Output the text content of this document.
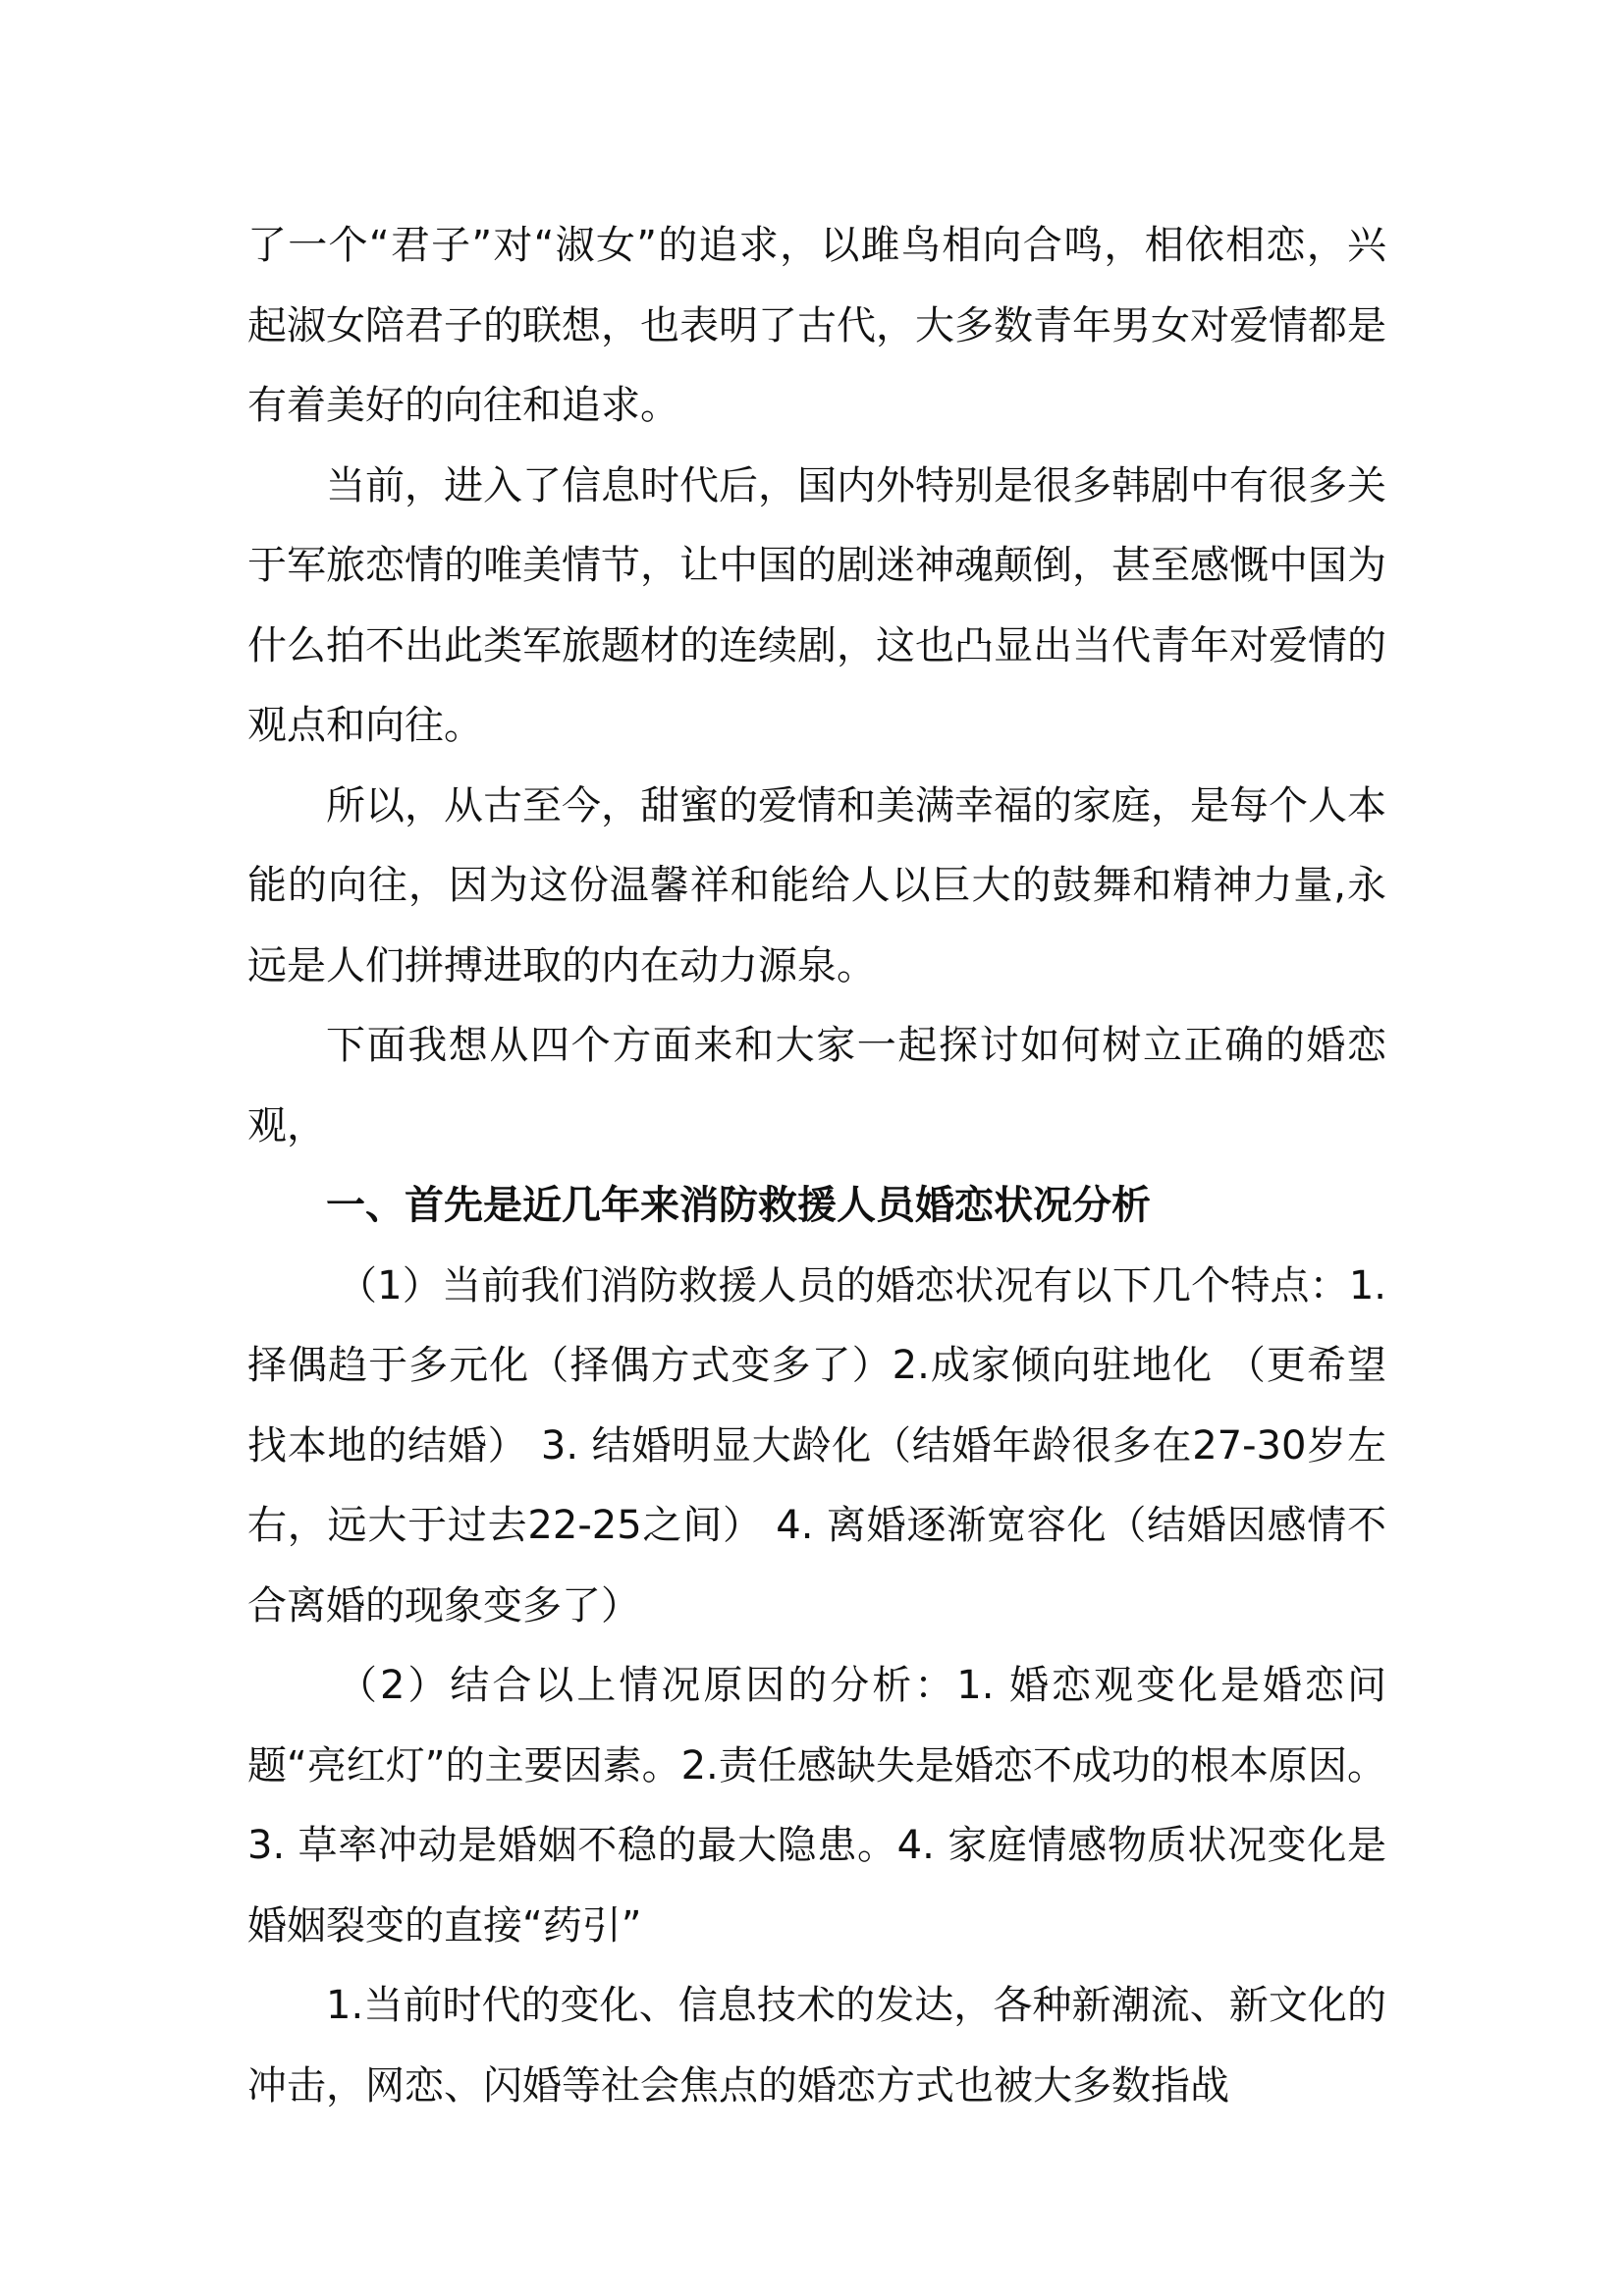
了一个“君子”对“淑女”的追求，以雎鸟相向合鸣，相依相恋，兴起淑女陪君子的联想，也表明了古代，大多数青年男女对爱情都是有着美好的向往和追求。

当前，进入了信息时代后，国内外特别是很多韩剧中有很多关于军旅恋情的唯美情节，让中国的剧迷神魂颠倒，甚至感慨中国为什么拍不出此类军旅题材的连续剧，这也凸显出当代青年对爱情的观点和向往。

所以，从古至今，甜蜜的爱情和美满幸福的家庭，是每个人本能的向往，因为这份温馨祥和能给人以巨大的鼓舞和精神力量,永远是人们拼搏进取的内在动力源泉。

下面我想从四个方面来和大家一起探讨如何树立正确的婚恋观，

一、首先是近几年来消防救援人员婚恋状况分析

（1）当前我们消防救援人员的婚恋状况有以下几个特点：1. 择偶趋于多元化（择偶方式变多了）2.成家倾向驻地化 （更希望找本地的结婚） 3. 结婚明显大龄化（结婚年龄很多在27-30岁左右，远大于过去22-25之间） 4. 离婚逐渐宽容化（结婚因感情不合离婚的现象变多了）

（2）结合以上情况原因的分析：1. 婚恋观变化是婚恋问题“亮红灯”的主要因素。2.责任感缺失是婚恋不成功的根本原因。3. 草率冲动是婚姻不稳的最大隐患。4. 家庭情感物质状况变化是婚姻裂变的直接“药引”

1.当前时代的变化、信息技术的发达，各种新潮流、新文化的冲击，网恋、闪婚等社会焦点的婚恋方式也被大多数指战
